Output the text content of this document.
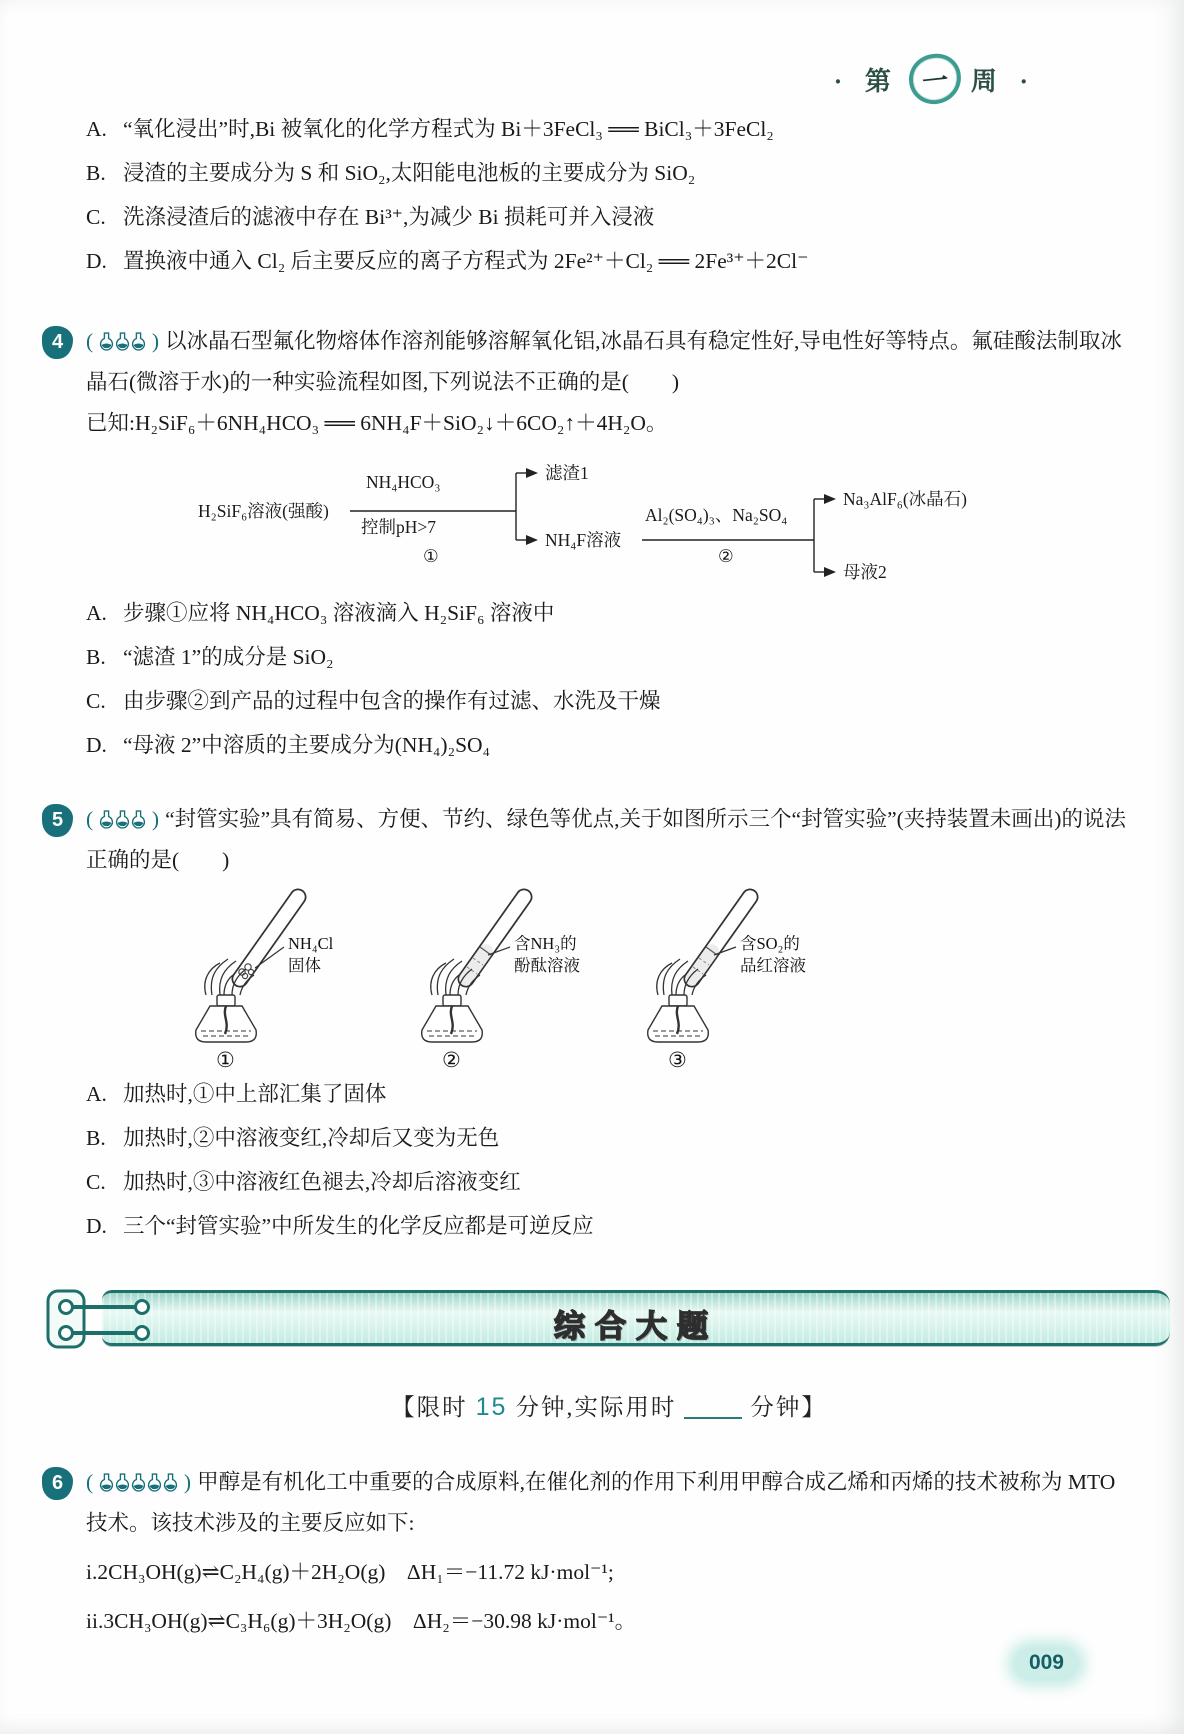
· 第 一 周 ·
A. “氧化浸出”时,Bi 被氧化的化学方程式为 Bi＋3FeCl₃ ══ BiCl₃＋3FeCl₂
B. 浸渣的主要成分为 S 和 SiO₂,太阳能电池板的主要成分为 SiO₂
C. 洗涤浸渣后的滤液中存在 Bi³⁺,为减少 Bi 损耗可并入浸液
D. 置换液中通入 Cl₂ 后主要反应的离子方程式为 2Fe²⁺＋Cl₂ ══ 2Fe³⁺＋2Cl⁻
4 (  )	以冰晶石型氟化物熔体作溶剂能够溶解氧化铝,冰晶石具有稳定性好,导电性好等特点。氟硅酸法制取冰晶石(微溶于水)的一种实验流程如图,下列说法不正确的是(　　)
已知:H₂SiF₆＋6NH₄HCO₃ ══ 6NH₄F＋SiO₂↓＋6CO₂↑＋4H₂O。
H₂SiF₆溶液(强酸)
NH₄HCO₃
控制pH>7
①
滤渣1
NH₄F溶液
Al₂(SO₄)₃、Na₂SO₄
②
Na₃AlF₆(冰晶石)
母液2
A. 步骤①应将 NH₄HCO₃ 溶液滴入 H₂SiF₆ 溶液中
B. “滤渣 1”的成分是 SiO₂
C. 由步骤②到产品的过程中包含的操作有过滤、水洗及干燥
D. “母液 2”中溶质的主要成分为(NH₄)₂SO₄
5 (  )	“封管实验”具有简易、方便、节约、绿色等优点,关于如图所示三个“封管实验”(夹持装置未画出)的说法正确的是(　　)
NH₄Cl
固体
①
含NH₃的
酚酞溶液
②
含SO₂的
品红溶液
③
A. 加热时,①中上部汇集了固体
B. 加热时,②中溶液变红,冷却后又变为无色
C. 加热时,③中溶液红色褪去,冷却后溶液变红
D. 三个“封管实验”中所发生的化学反应都是可逆反应
综合大题
【限时 15 分钟,实际用时	分钟】
6 (  )	甲醇是有机化工中重要的合成原料,在催化剂的作用下利用甲醇合成乙烯和丙烯的技术被称为 MTO 技术。该技术涉及的主要反应如下:
i.2CH₃OH(g)⇌C₂H₄(g)＋2H₂O(g)　ΔH₁＝−11.72 kJ·mol⁻¹;
ii.3CH₃OH(g)⇌C₃H₆(g)＋3H₂O(g)　ΔH₂＝−30.98 kJ·mol⁻¹。
009
